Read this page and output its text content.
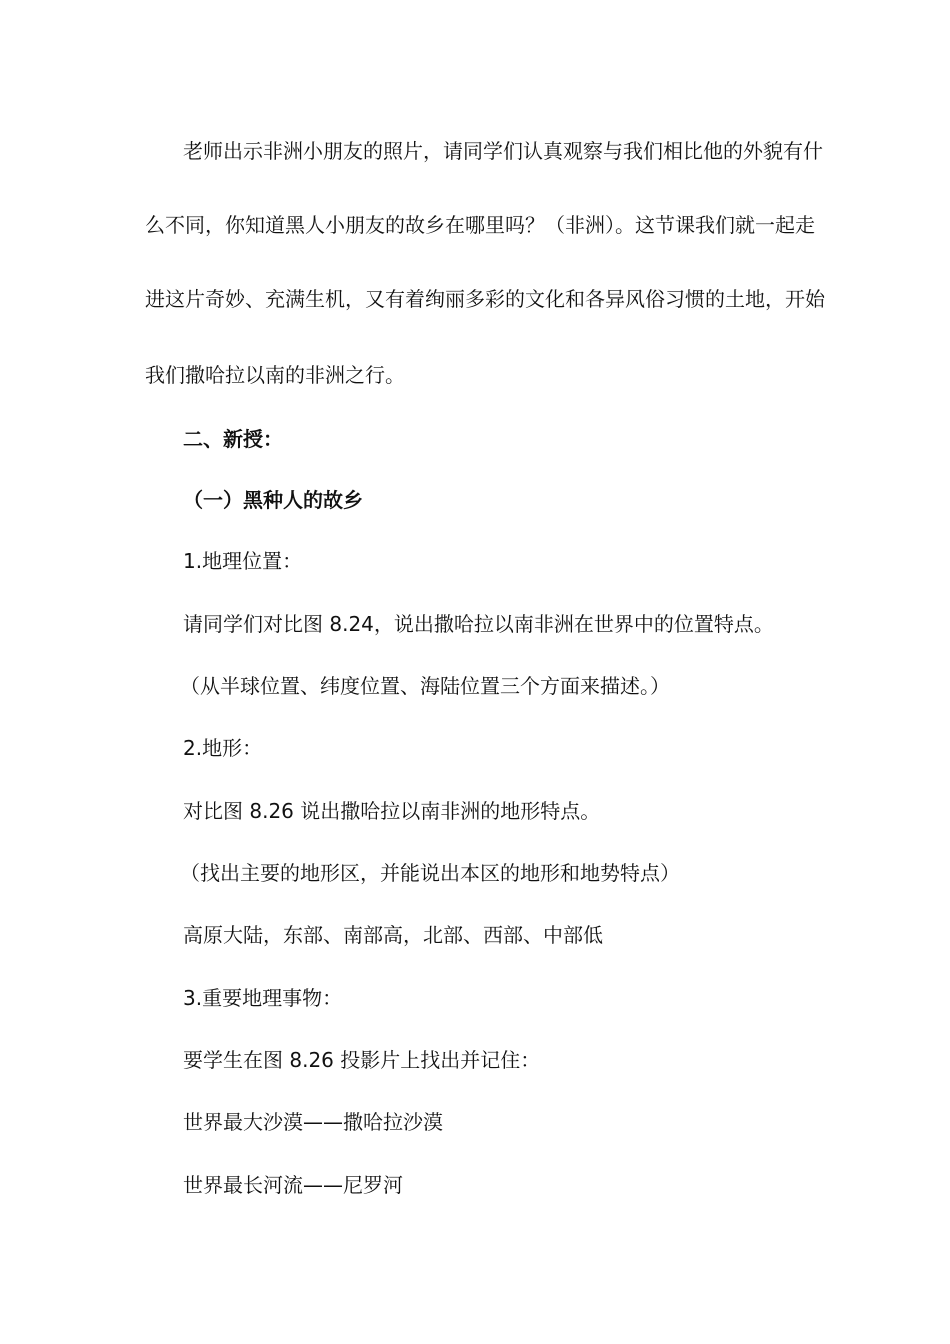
老师出示非洲小朋友的照片，请同学们认真观察与我们相比他的外貌有什
么不同，你知道黑人小朋友的故乡在哪里吗？（非洲）。这节课我们就一起走
进这片奇妙、充满生机，又有着绚丽多彩的文化和各异风俗习惯的土地，开始
我们撒哈拉以南的非洲之行。
二、新授：
（一）黑种人的故乡
1.地理位置：
请同学们对比图 8.24，说出撒哈拉以南非洲在世界中的位置特点。
（从半球位置、纬度位置、海陆位置三个方面来描述。）
2.地形：
对比图 8.26 说出撒哈拉以南非洲的地形特点。
（找出主要的地形区，并能说出本区的地形和地势特点）
高原大陆，东部、南部高，北部、西部、中部低
3.重要地理事物：
要学生在图 8.26 投影片上找出并记住：
世界最大沙漠——撒哈拉沙漠
世界最长河流——尼罗河
